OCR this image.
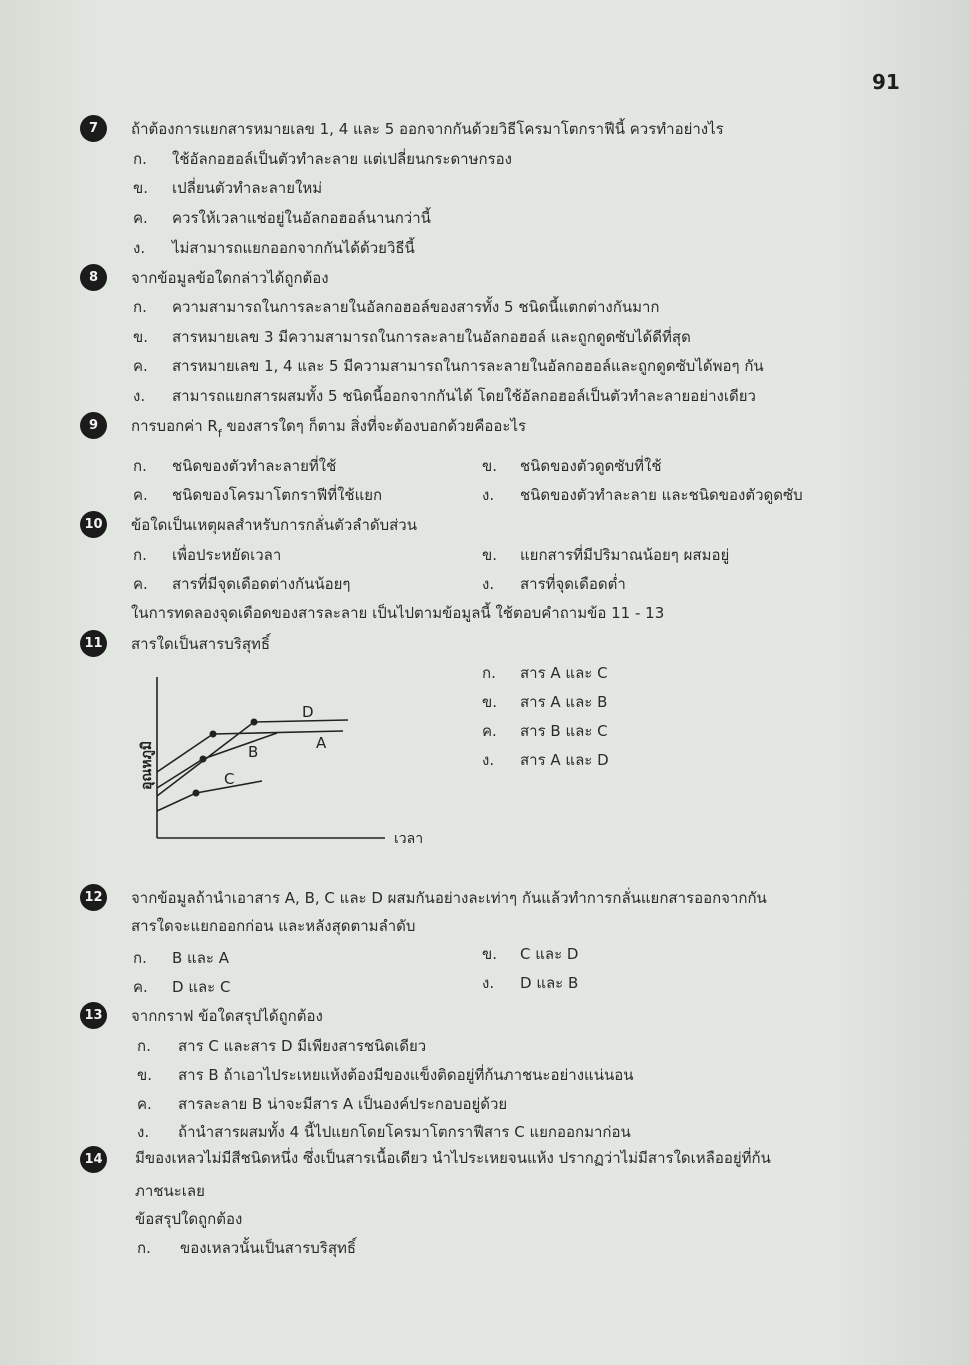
91
7	ถ้าต้องการแยกสารหมายเลข 1, 4 และ 5 ออกจากกันด้วยวิธีโครมาโตกราฟีนี้ ควรทำอย่างไร
ก. ใช้อัลกอฮอล์เป็นตัวทำละลาย แต่เปลี่ยนกระดาษกรอง
ข. เปลี่ยนตัวทำละลายใหม่
ค. ควรให้เวลาแช่อยู่ในอัลกอฮอล์นานกว่านี้
ง. ไม่สามารถแยกออกจากกันได้ด้วยวิธีนี้
8	จากข้อมูลข้อใดกล่าวได้ถูกต้อง
ก. ความสามารถในการละลายในอัลกอฮอล์ของสารทั้ง 5 ชนิดนี้แตกต่างกันมาก
ข. สารหมายเลข 3 มีความสามารถในการละลายในอัลกอฮอล์ และถูกดูดซับได้ดีที่สุด
ค. สารหมายเลข 1, 4 และ 5 มีความสามารถในการละลายในอัลกอฮอล์และถูกดูดซับได้พอๆ กัน
ง. สามารถแยกสารผสมทั้ง 5 ชนิดนี้ออกจากกันได้ โดยใช้อัลกอฮอล์เป็นตัวทำละลายอย่างเดียว
9	การบอกค่า $R_f$ ของสารใดๆ ก็ตาม สิ่งที่จะต้องบอกด้วยคืออะไร
ก. ชนิดของตัวทำละลายที่ใช้	ข. ชนิดของตัวดูดซับที่ใช้
ค. ชนิดของโครมาโตกราฟีที่ใช้แยก	ง. ชนิดของตัวทำละลาย และชนิดของตัวดูดซับ
10 ข้อใดเป็นเหตุผลสำหรับการกลั่นตัวลำดับส่วน
ก. เพื่อประหยัดเวลา	ข. แยกสารที่มีปริมาณน้อยๆ ผสมอยู่
ค. สารที่มีจุดเดือดต่างกันน้อยๆ	ง. สารที่จุดเดือดต่ำ
ในการทดลองจุดเดือดของสารละลาย เป็นไปตามข้อมูลนี้ ใช้ตอบคำถามข้อ 11 - 13
11 สารใดเป็นสารบริสุทธิ์
ก. สาร A และ C
ข. สาร A และ B
ค. สาร B และ C
ง. สาร A และ D
12 จากข้อมูลถ้านำเอาสาร A, B, C และ D ผสมกันอย่างละเท่าๆ กันแล้วทำการกลั่นแยกสารออกจากกัน
สารใดจะแยกออกก่อน และหลังสุดตามลำดับ
ก. B และ A	ข. C และ D
ค. D และ C	ง. D และ B
13 จากกราฟ ข้อใดสรุปได้ถูกต้อง
ก. สาร C และสาร D มีเพียงสารชนิดเดียว
ข. สาร B ถ้าเอาไประเหยแห้งต้องมีของแข็งติดอยู่ที่ก้นภาชนะอย่างแน่นอน
ค. สารละลาย B น่าจะมีสาร A เป็นองค์ประกอบอยู่ด้วย
ง. ถ้านำสารผสมทั้ง 4 นี้ไปแยกโดยโครมาโตกราฟีสาร C แยกออกมาก่อน
14 มีของเหลวไม่มีสีชนิดหนึ่ง ซึ่งเป็นสารเนื้อเดียว นำไประเหยจนแห้ง ปรากฏว่าไม่มีสารใดเหลืออยู่ที่ก้น
ภาชนะเลย
ข้อสรุปใดถูกต้อง
ก. ของเหลวนั้นเป็นสารบริสุทธิ์
D
A
B
C
เวลา
อุณหภูมิ
